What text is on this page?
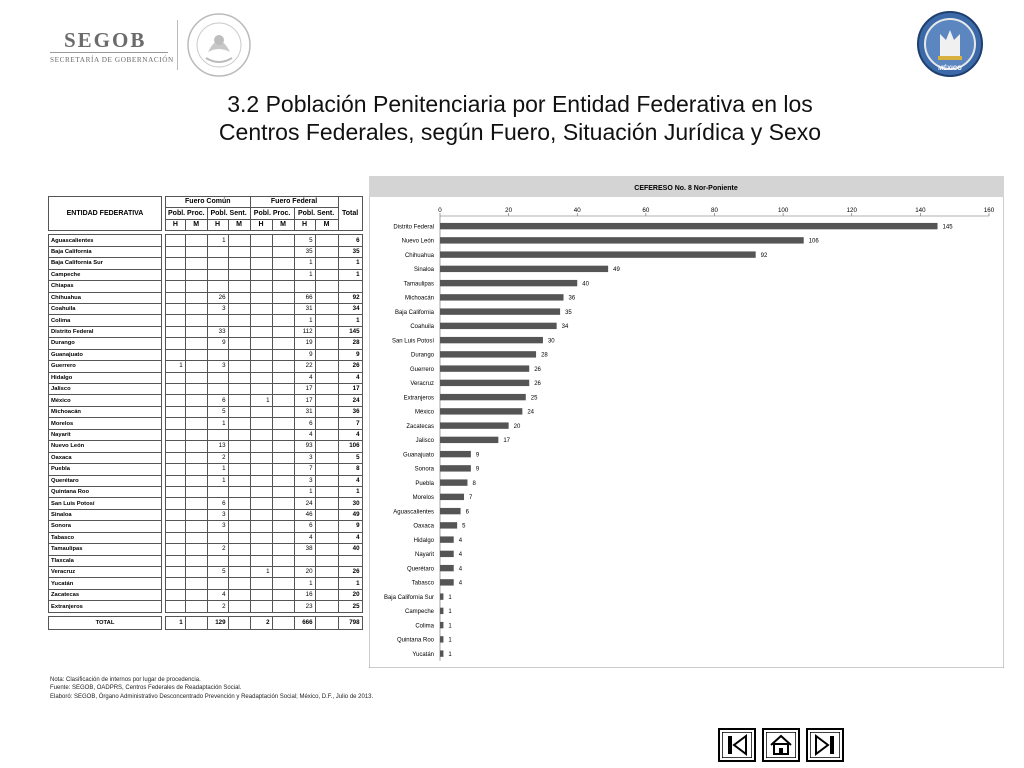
SEGOB
SECRETARÍA DE GOBERNACIÓN
MÉXICO
3.2 Población Penitenciaria por Entidad Federativa en los
Centros Federales, según Fuero, Situación Jurídica y Sexo
ENTIDAD FEDERATIVA		Fuero Común				Fuero Federal				Total
		Pobl. Proc.		Pobl. Sent.		Pobl. Proc.		Pobl. Sent.		
		H	M	H	M	H	M	H	M	

Aguascalientes				1				5		6
Baja California								35		35
Baja California Sur								1		1
Campeche								1		1
Chiapas										
Chihuahua				26				66		92
Coahuila				3				31		34
Colima								1		1
Distrito Federal				33				112		145
Durango				9				19		28
Guanajuato								9		9
Guerrero		1		3				22		26
Hidalgo								4		4
Jalisco								17		17
México				6		1		17		24
Michoacán				5				31		36
Morelos				1				6		7
Nayarit								4		4
Nuevo León				13				93		106
Oaxaca				2				3		5
Puebla				1				7		8
Querétaro				1				3		4
Quintana Roo								1		1
San Luis Potosí				6				24		30
Sinaloa				3				46		49
Sonora				3				6		9
Tabasco								4		4
Tamaulipas				2				38		40
Tlaxcala										
Veracruz				5		1		20		26
Yucatán								1		1
Zacatecas				4				16		20
Extranjeros				2				23		25

TOTAL		1		129		2		666		798
Nota: Clasificación de internos por lugar de procedencia.
Fuente: SEGOB, OADPRS, Centros Federales de Readaptación Social.
Elaboró: SEGOB, Órgano Administrativo Desconcentrado Prevención y Readaptación Social; México, D.F., Julio de 2013.
CEFERESO No. 8 Nor-Poniente
0	20	40	60	80	100	120	140	160
Distrito Federal	145
Nuevo León	106
Chihuahua	92
Sinaloa	49
Tamaulipas	40
Michoacán	36
Baja California	35
Coahuila	34
San Luis Potosí	30
Durango	28
Guerrero	26
Veracruz	26
Extranjeros	25
México	24
Zacatecas	20
Jalisco	17
Guanajuato	9
Sonora	9
Puebla	8
Morelos	7
Aguascalientes	6
Oaxaca	5
Hidalgo	4
Nayarit	4
Querétaro	4
Tabasco	4
Baja California Sur 1
Campeche 1
Colima 1
Quintana Roo 1
Yucatán 1
